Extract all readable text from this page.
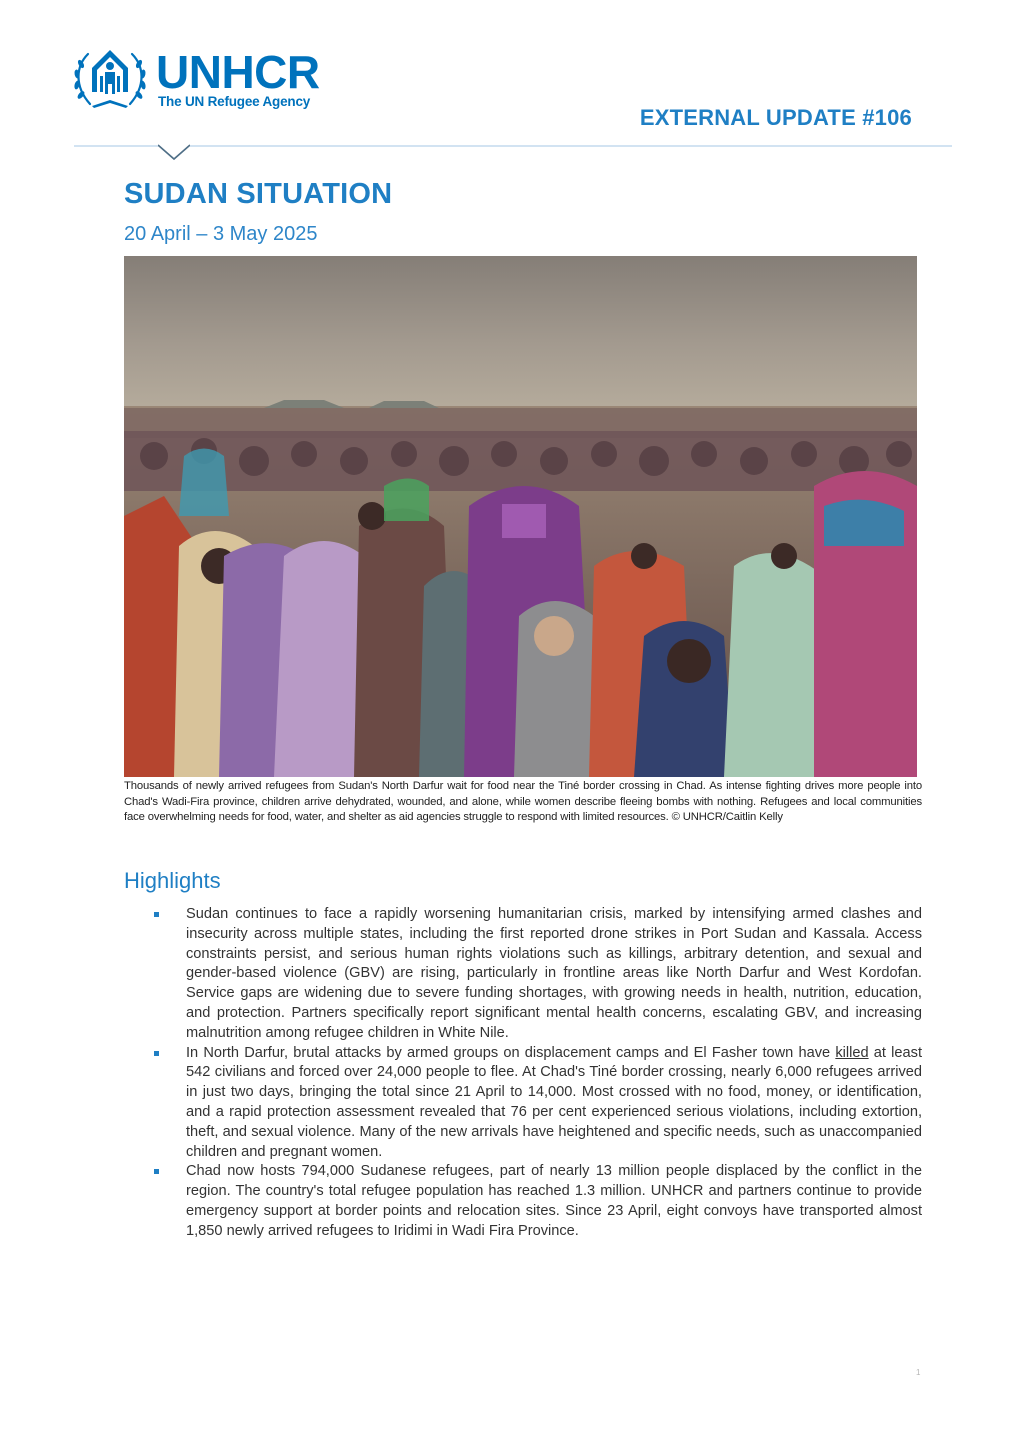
UNHCR
The UN Refugee Agency
EXTERNAL UPDATE #106
SUDAN SITUATION
20 April – 3 May 2025
Thousands of newly arrived refugees from Sudan's North Darfur wait for food near the Tiné border crossing in Chad. As intense fighting drives more people into Chad's Wadi-Fira province, children arrive dehydrated, wounded, and alone, while women describe fleeing bombs with nothing. Refugees and local communities face overwhelming needs for food, water, and shelter as aid agencies struggle to respond with limited resources. © UNHCR/Caitlin Kelly
Highlights
Sudan continues to face a rapidly worsening humanitarian crisis, marked by intensifying armed clashes and insecurity across multiple states, including the first reported drone strikes in Port Sudan and Kassala. Access constraints persist, and serious human rights violations such as killings, arbitrary detention, and sexual and gender-based violence (GBV) are rising, particularly in frontline areas like North Darfur and West Kordofan. Service gaps are widening due to severe funding shortages, with growing needs in health, nutrition, education, and protection. Partners specifically report significant mental health concerns, escalating GBV, and increasing malnutrition among refugee children in White Nile.
In North Darfur, brutal attacks by armed groups on displacement camps and El Fasher town have killed at least 542 civilians and forced over 24,000 people to flee. At Chad's Tiné border crossing, nearly 6,000 refugees arrived in just two days, bringing the total since 21 April to 14,000. Most crossed with no food, money, or identification, and a rapid protection assessment revealed that 76 per cent experienced serious violations, including extortion, theft, and sexual violence. Many of the new arrivals have heightened and specific needs, such as unaccompanied children and pregnant women.
Chad now hosts 794,000 Sudanese refugees, part of nearly 13 million people displaced by the conflict in the region. The country's total refugee population has reached 1.3 million. UNHCR and partners continue to provide emergency support at border points and relocation sites. Since 23 April, eight convoys have transported almost 1,850 newly arrived refugees to Iridimi in Wadi Fira Province.
1
